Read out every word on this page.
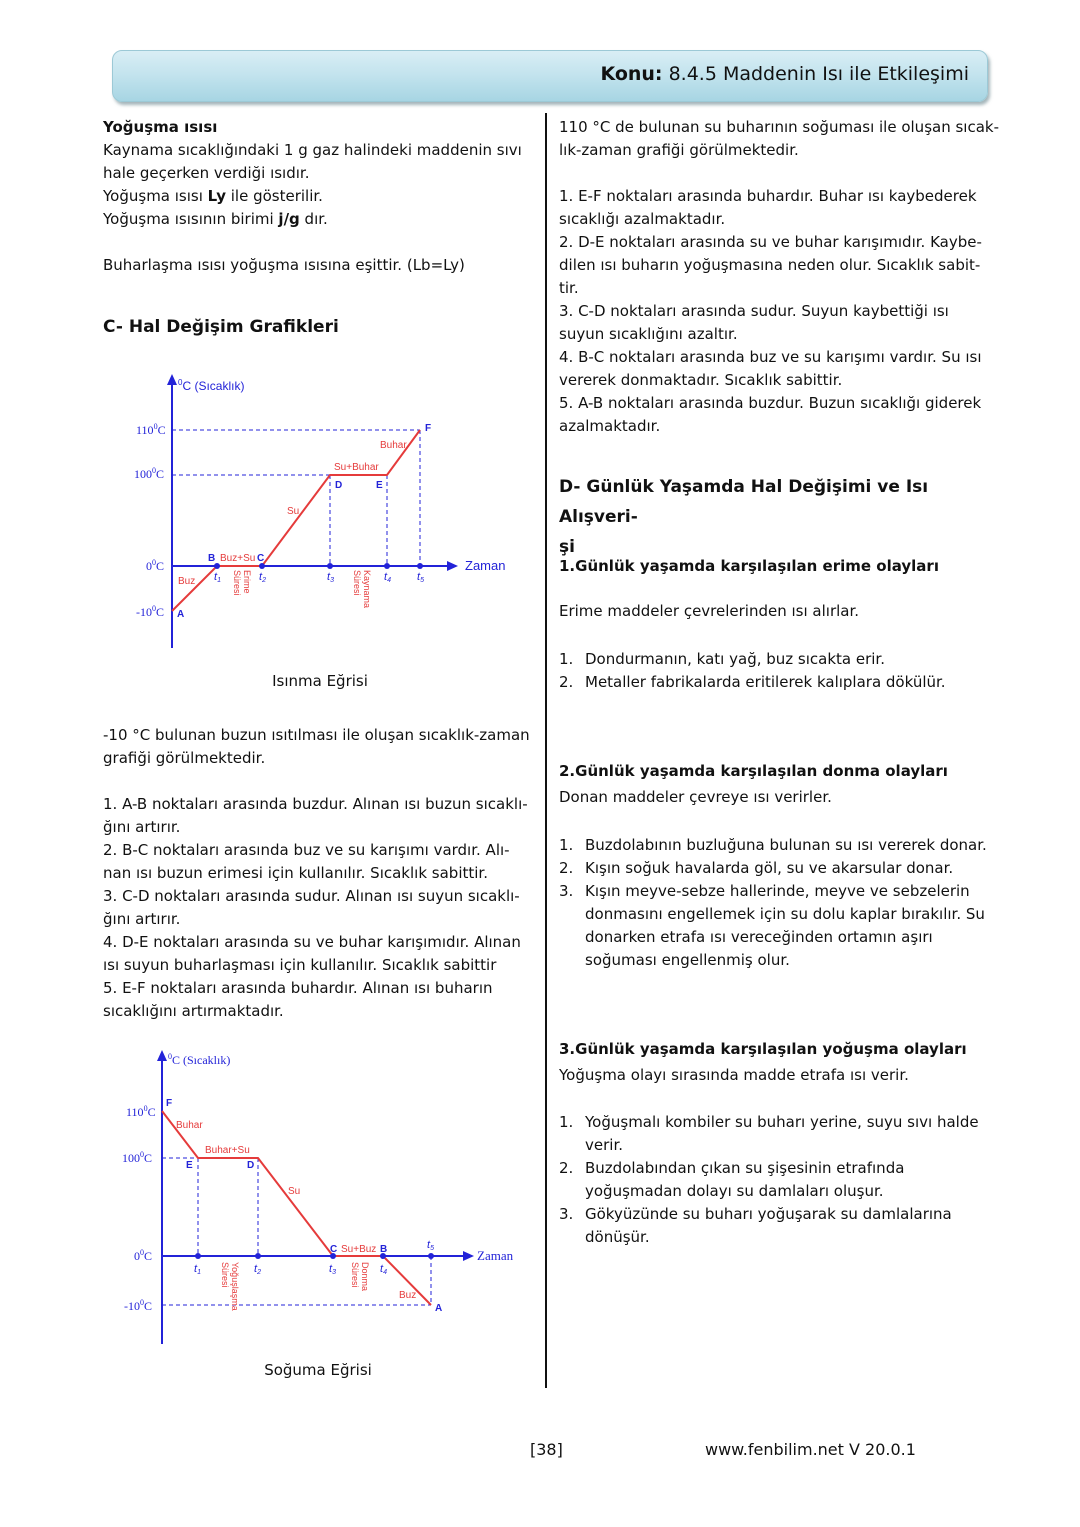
Konu: 8.4.5 Maddenin Isı ile Etkileşimi
Yoğuşma ısısı
Kaynama sıcaklığındaki 1 g gaz halindeki maddenin sıvı
hale geçerken verdiği ısıdır.
Yoğuşma ısısı Ly ile gösterilir.
Yoğuşma ısısının birimi j/g dır.
Buharlaşma ısısı yoğuşma ısısına eşittir. (Lb=Ly)
C- Hal Değişim Grafikleri
$^0$C (Sıcaklık)
Zaman
$110^0C$
$100^0C$
$0^0C$
$-10^0C$
t1	t2	t3	t4 t5
A
B	C
D	E
F
Buz
Buz+Su
Su
Su+Buhar
Buhar
Süresi Erime	Süresi Kaynama
Isınma Eğrisi
-10 °C bulunan buzun ısıtılması ile oluşan sıcaklık-zaman
grafiği görülmektedir.
1. A-B noktaları arasında buzdur. Alınan ısı buzun sıcaklı-
ğını artırır.
2. B-C noktaları arasında buz ve su karışımı vardır. Alı-
nan ısı buzun erimesi için kullanılır. Sıcaklık sabittir.
3. C-D noktaları arasında sudur. Alınan ısı suyun sıcaklı-
ğını artırır.
4. D-E noktaları arasında su ve buhar karışımıdır. Alınan
ısı suyun buharlaşması için kullanılır. Sıcaklık sabittir
5. E-F noktaları arasında buhardır. Alınan ısı buharın
sıcaklığını artırmaktadır.
$^0$C (Sıcaklık)
Zaman
$110^0C$
$100^0C$
$0^0C$
$-10^0C$
t1	t2	t3	t4
t5
F
E	D
C	B
A
Buhar
Buhar+Su
Su
Su+Buz
Buz
Süresi Yoğuşlaşma	Süresi Donma
Soğuma Eğrisi
110 °C de bulunan su buharının soğuması ile oluşan sıcak-
lık-zaman grafiği görülmektedir.
1. E-F noktaları arasında buhardır. Buhar ısı kaybederek
sıcaklığı azalmaktadır.
2. D-E noktaları arasında su ve buhar karışımıdır. Kaybe-
dilen ısı buharın yoğuşmasına neden olur. Sıcaklık sabit-
tir.
3. C-D noktaları arasında sudur. Suyun kaybettiği ısı
suyun sıcaklığını azaltır.
4. B-C noktaları arasında buz ve su karışımı vardır. Su ısı
vererek donmaktadır. Sıcaklık sabittir.
5. A-B noktaları arasında buzdur. Buzun sıcaklığı giderek
azalmaktadır.
D- Günlük Yaşamda Hal Değişimi ve Isı Alışveri-
şi
1.Günlük yaşamda karşılaşılan erime olayları
Erime maddeler çevrelerinden ısı alırlar.
1. Dondurmanın, katı yağ, buz sıcakta erir.
2. Metaller fabrikalarda eritilerek kalıplara dökülür.
2.Günlük yaşamda karşılaşılan donma olayları
Donan maddeler çevreye ısı verirler.
1. Buzdolabının buzluğuna bulunan su ısı vererek donar.
2. Kışın soğuk havalarda göl, su ve akarsular donar.
3. Kışın meyve-sebze hallerinde, meyve ve sebzelerin donmasını engellemek için su dolu kaplar bırakılır. Su donarken etrafa ısı vereceğinden ortamın aşırı soğuması engellenmiş olur.
3.Günlük yaşamda karşılaşılan yoğuşma olayları
Yoğuşma olayı sırasında madde etrafa ısı verir.
1. Yoğuşmalı kombiler su buharı yerine, suyu sıvı halde verir.
2. Buzdolabından çıkan su şişesinin etrafında yoğuşmadan dolayı su damlaları oluşur.
3. Gökyüzünde su buharı yoğuşarak su damlalarına dönüşür.
[38]	www.fenbilim.net V 20.0.1
